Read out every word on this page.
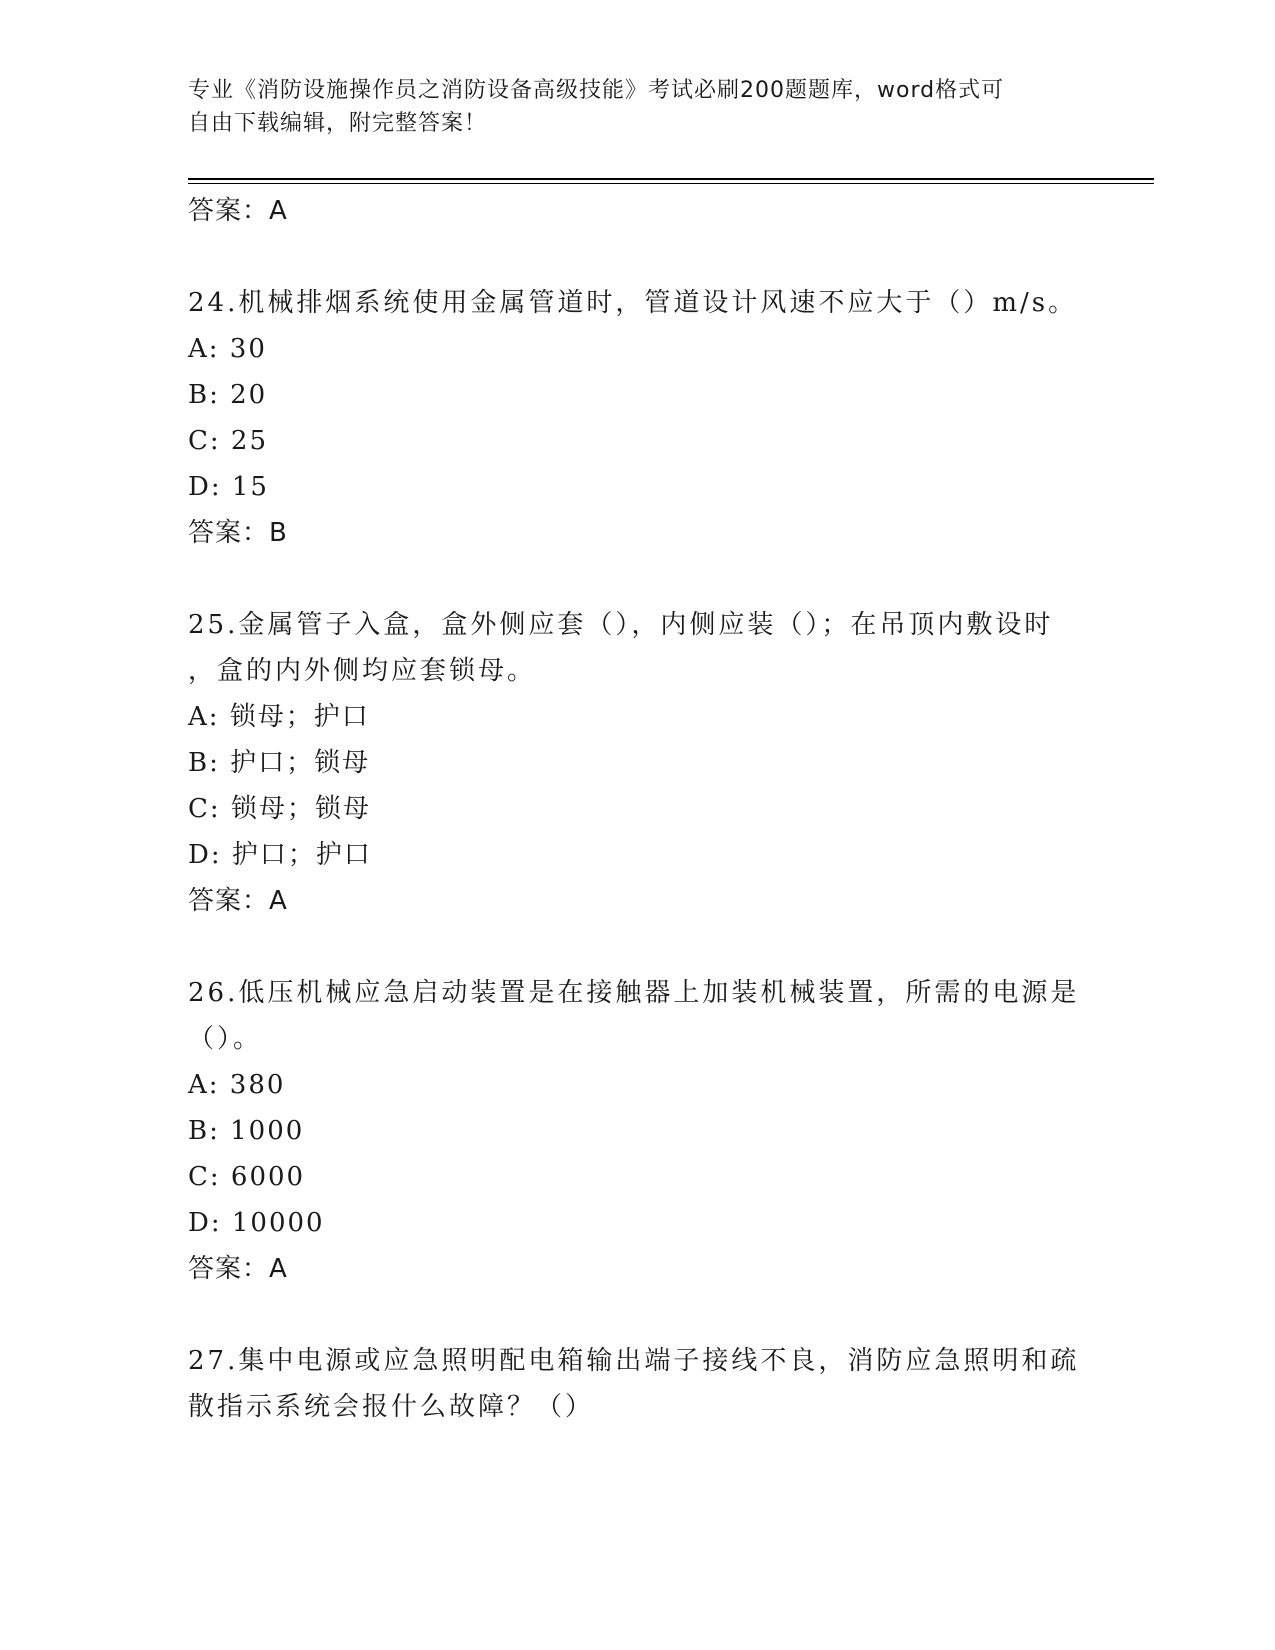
专业《消防设施操作员之消防设备高级技能》考试必刷200题题库，word格式可
自由下载编辑，附完整答案！
答案：A
24.机械排烟系统使用金属管道时，管道设计风速不应大于（）m/s。
A: 30
B: 20
C: 25
D: 15
答案：B
25.金属管子入盒，盒外侧应套（），内侧应装（）；在吊顶内敷设时
，盒的内外侧均应套锁母。
A: 锁母；护口
B: 护口；锁母
C: 锁母；锁母
D: 护口；护口
答案：A
26.低压机械应急启动装置是在接触器上加装机械装置，所需的电源是
（）。
A: 380
B: 1000
C: 6000
D: 10000
答案：A
27.集中电源或应急照明配电箱输出端子接线不良，消防应急照明和疏
散指示系统会报什么故障？（）
